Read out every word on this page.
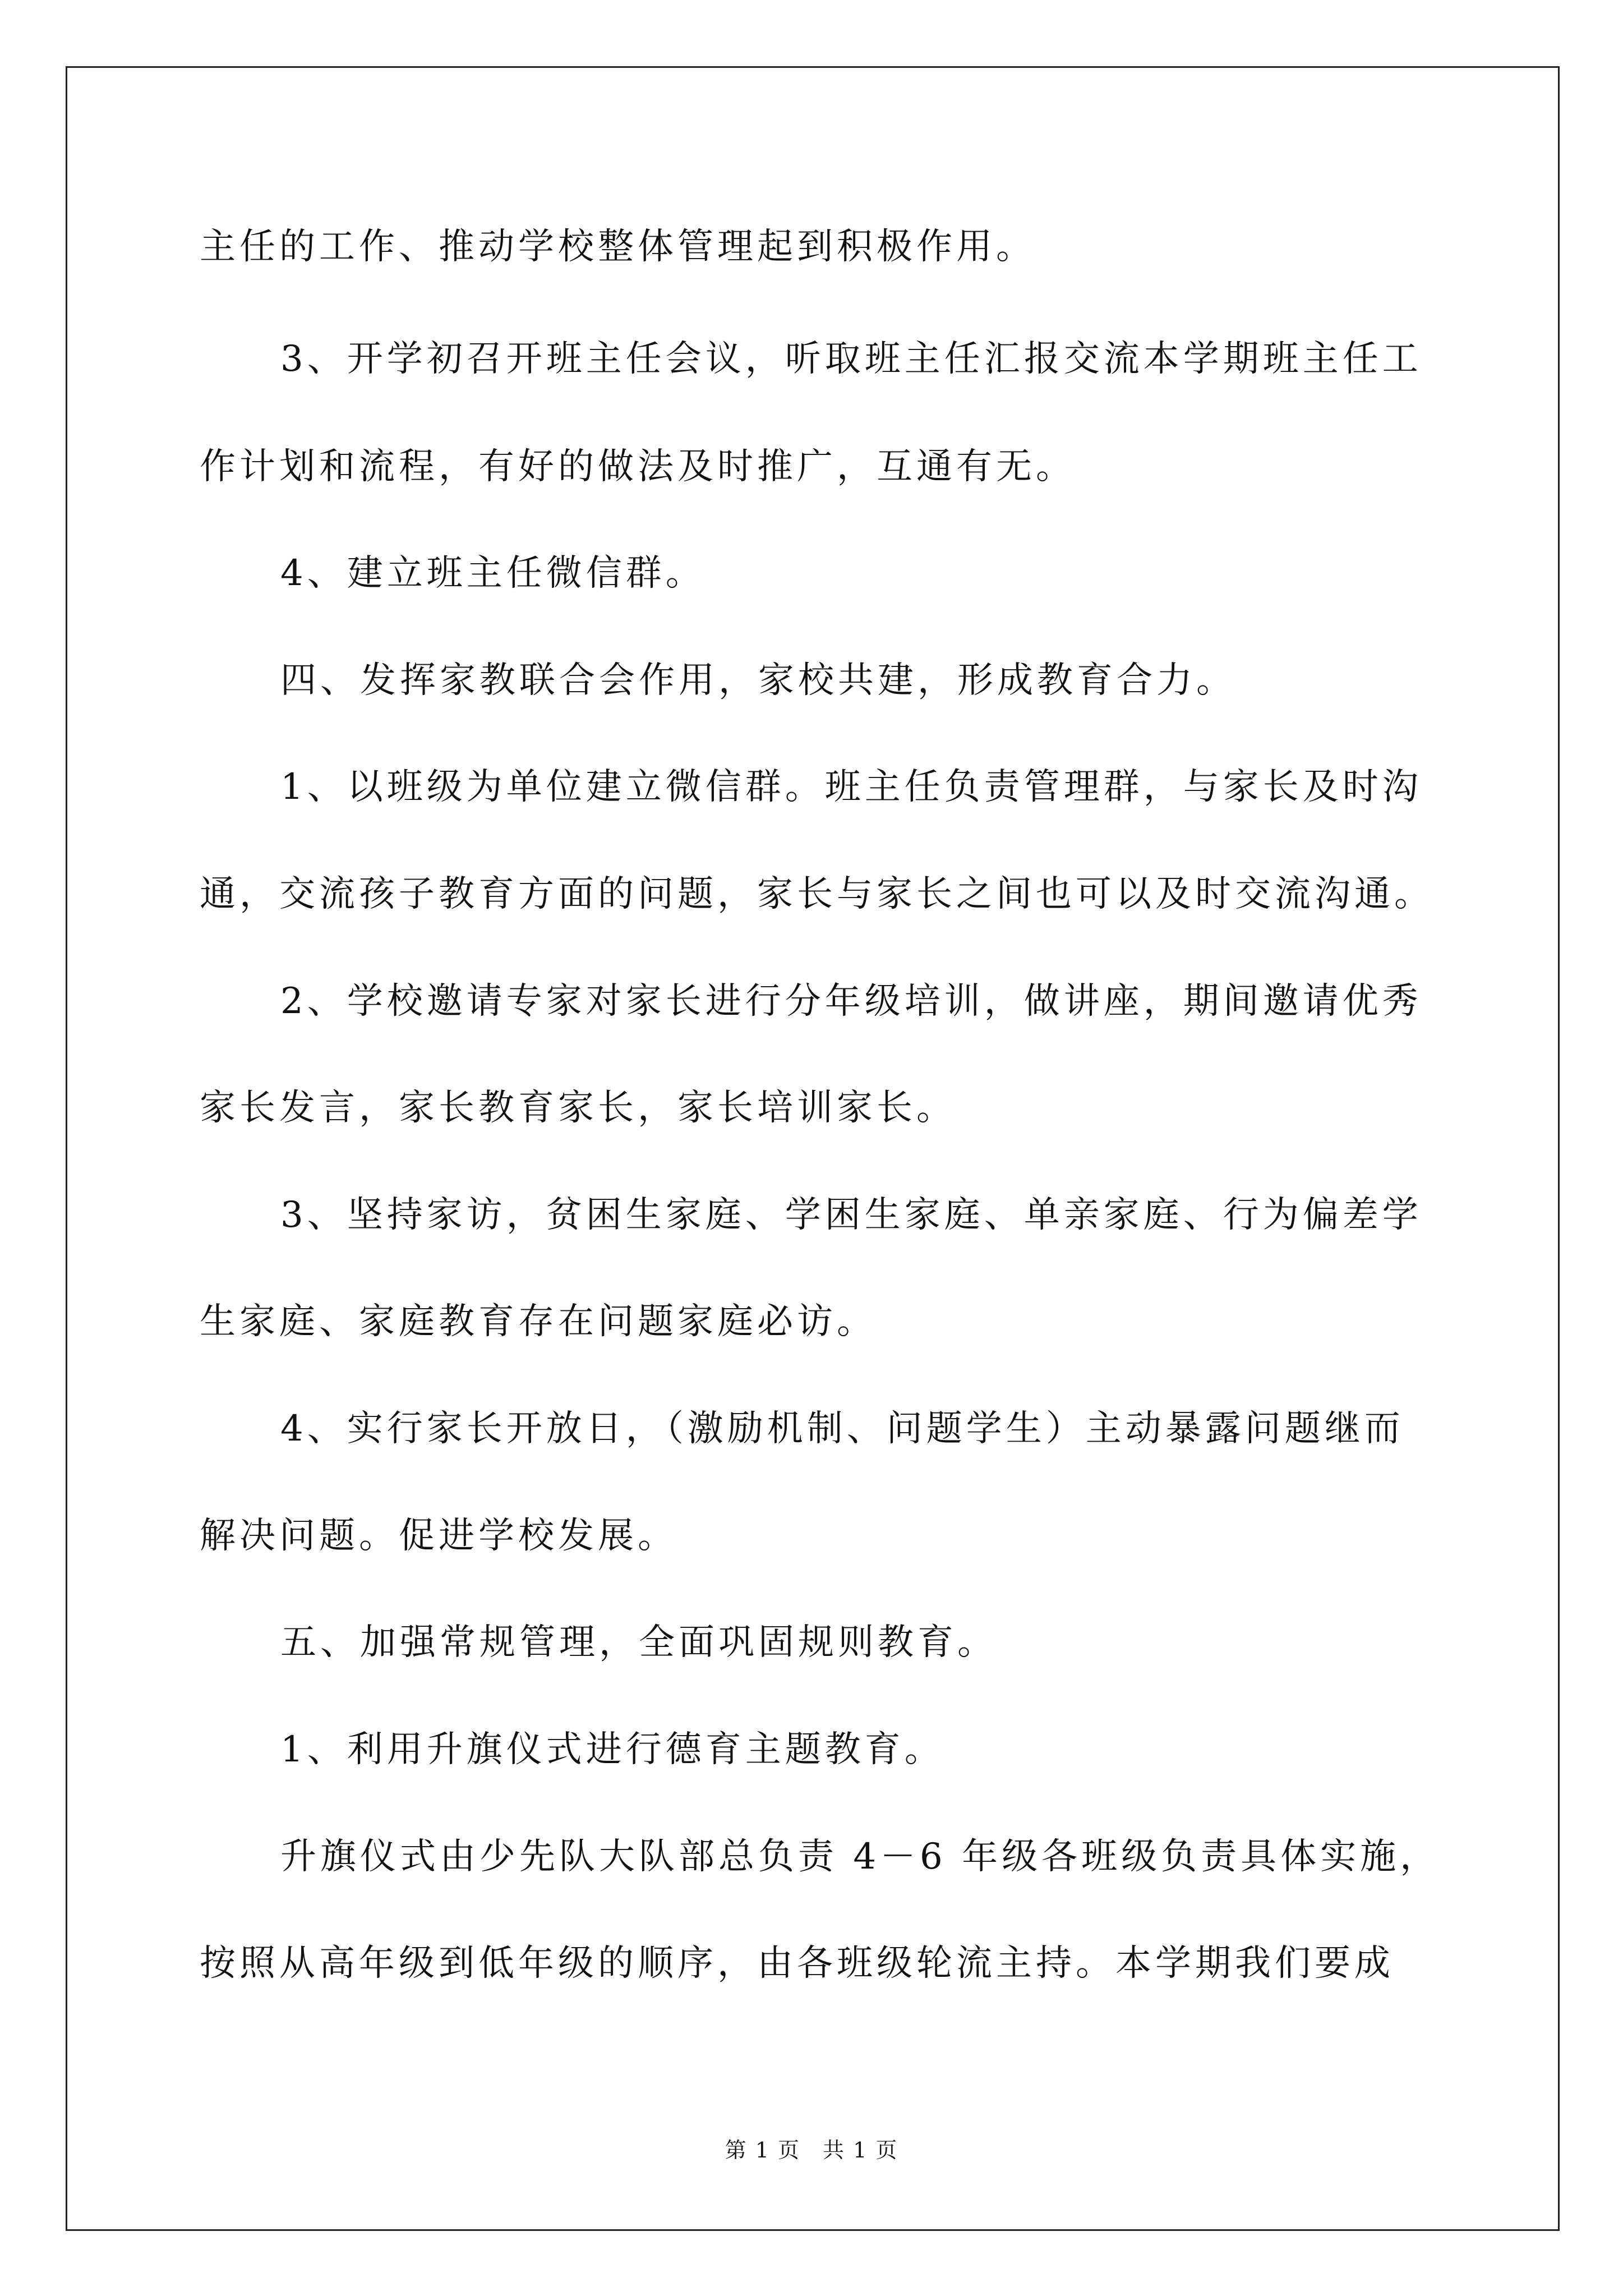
主任的工作、推动学校整体管理起到积极作用。

3、开学初召开班主任会议，听取班主任汇报交流本学期班主任工

作计划和流程，有好的做法及时推广，互通有无。

4、建立班主任微信群。

四、发挥家教联合会作用，家校共建，形成教育合力。

1、以班级为单位建立微信群。班主任负责管理群，与家长及时沟

通，交流孩子教育方面的问题，家长与家长之间也可以及时交流沟通。

2、学校邀请专家对家长进行分年级培训，做讲座，期间邀请优秀

家长发言，家长教育家长，家长培训家长。

3、坚持家访，贫困生家庭、学困生家庭、单亲家庭、行为偏差学

生家庭、家庭教育存在问题家庭必访。

4、实行家长开放日，（激励机制、问题学生）主动暴露问题继而

解决问题。促进学校发展。

五、加强常规管理，全面巩固规则教育。

1、利用升旗仪式进行德育主题教育。

升旗仪式由少先队大队部总负责 4－6 年级各班级负责具体实施，

按照从高年级到低年级的顺序，由各班级轮流主持。本学期我们要成

第 1 页　共 1 页
